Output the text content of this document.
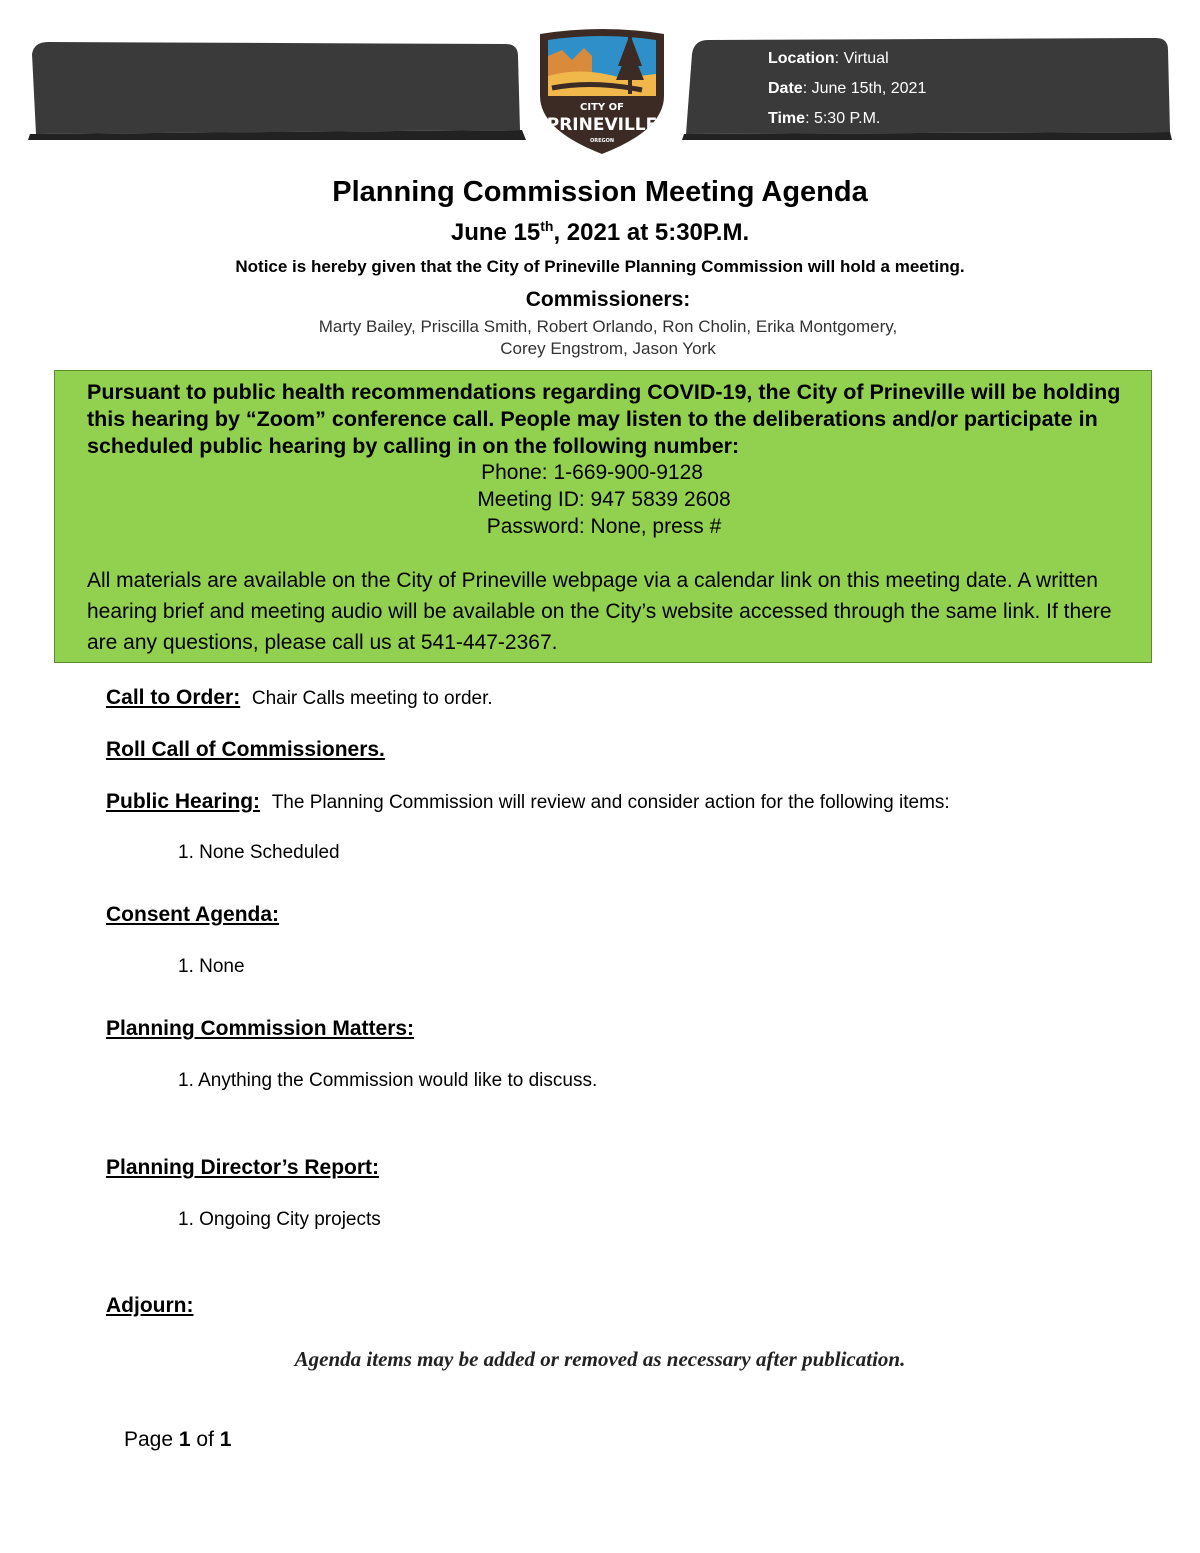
Location: Virtual
Date: June 15th, 2021
Time: 5:30 P.M.
CITY OF
PRINEVILLE
OREGON
Planning Commission Meeting Agenda
June 15th, 2021 at 5:30P.M.
Notice is hereby given that the City of Prineville Planning Commission will hold a meeting.
Commissioners:
Marty Bailey, Priscilla Smith, Robert Orlando, Ron Cholin, Erika Montgomery,
Corey Engstrom, Jason York
Pursuant to public health recommendations regarding COVID-19, the City of Prineville will be holding this hearing by “Zoom” conference call. People may listen to the deliberations and/or participate in scheduled public hearing by calling in on the following number:
Phone: 1-669-900-9128
Meeting ID: 947 5839 2608
Password: None, press #
All materials are available on the City of Prineville webpage via a calendar link on this meeting date. A written hearing brief and meeting audio will be available on the City’s website accessed through the same link. If there are any questions, please call us at 541-447-2367.
Call to Order: Chair Calls meeting to order.
Roll Call of Commissioners.
Public Hearing: The Planning Commission will review and consider action for the following items:
1. None Scheduled
Consent Agenda:
1. None
Planning Commission Matters:
1. Anything the Commission would like to discuss.
Planning Director’s Report:
1. Ongoing City projects
Adjourn:
Agenda items may be added or removed as necessary after publication.
Page 1 of 1
